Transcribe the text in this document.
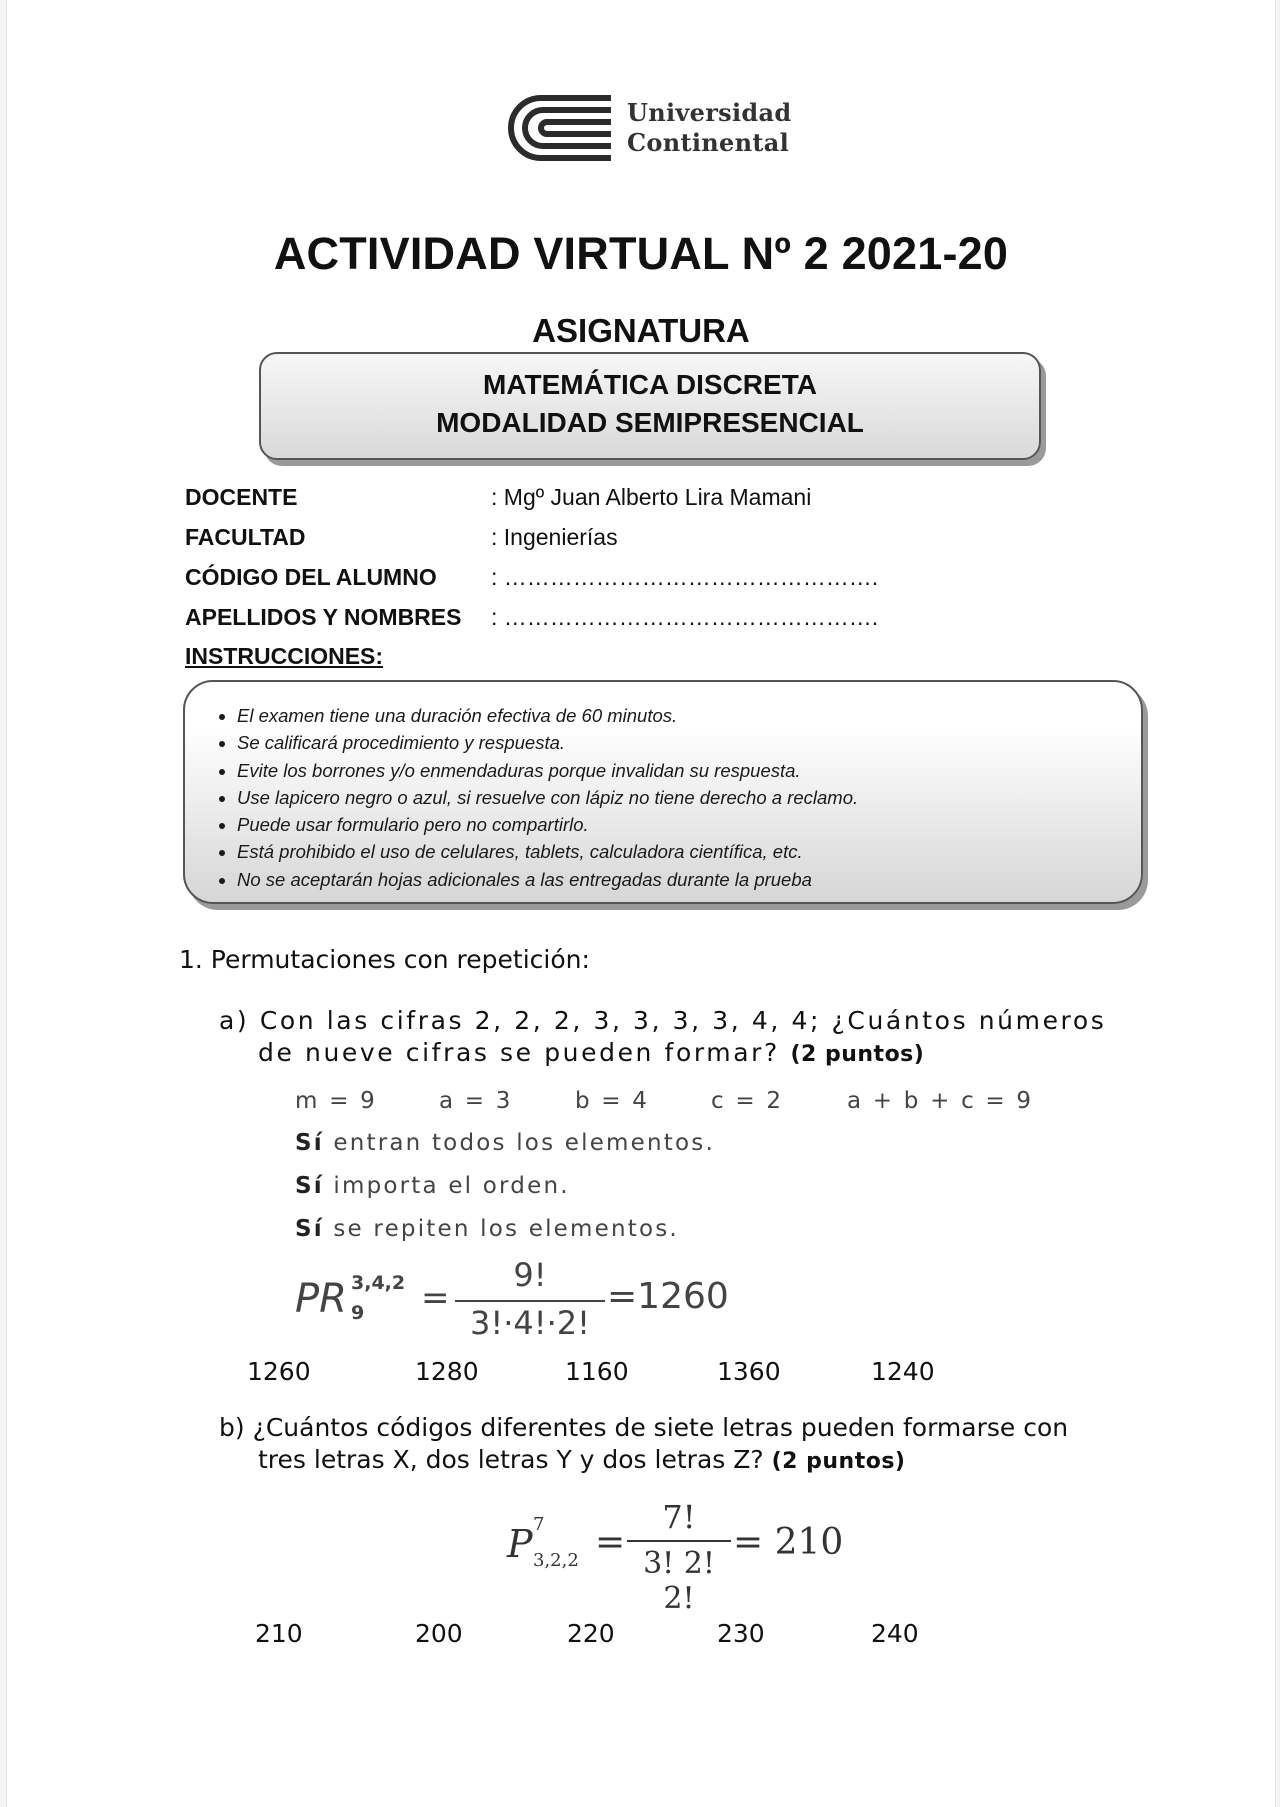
Universidad
Continental
ACTIVIDAD VIRTUAL Nº 2 2021-20
ASIGNATURA
MATEMÁTICA DISCRETA
MODALIDAD SEMIPRESENCIAL
DOCENTE	: Mgº Juan Alberto Lira Mamani
FACULTAD	: Ingenierías
CÓDIGO DEL ALUMNO : ………………………………………….
APELLIDOS Y NOMBRES : ………………………………………….
INSTRUCCIONES:
• El examen tiene una duración efectiva de 60 minutos.
• Se calificará procedimiento y respuesta.
• Evite los borrones y/o enmendaduras porque invalidan su respuesta.
• Use lapicero negro o azul, si resuelve con lápiz no tiene derecho a reclamo.
• Puede usar formulario pero no compartirlo.
• Está prohibido el uso de celulares, tablets, calculadora científica, etc.
• No se aceptarán hojas adicionales a las entregadas durante la prueba
1. Permutaciones con repetición:
a) Con las cifras 2, 2, 2, 3, 3, 3, 3, 4, 4; ¿Cuántos números
de nueve cifras se pueden formar? (2 puntos)
m = 9	a = 3	b = 4	c = 2	a + b + c = 9
Sí entran todos los elementos.
Sí importa el orden.
Sí se repiten los elementos.
PR 3,4,2
9 =
9!
3!·4!·2!
=1260
1260	1280	1160	1360	1240
b) ¿Cuántos códigos diferentes de siete letras pueden formarse con
tres letras X, dos letras Y y dos letras Z? (2 puntos)
P 7
3,2,2 =
7!
3! 2! 2!
= 210
210	200	220	230	240
